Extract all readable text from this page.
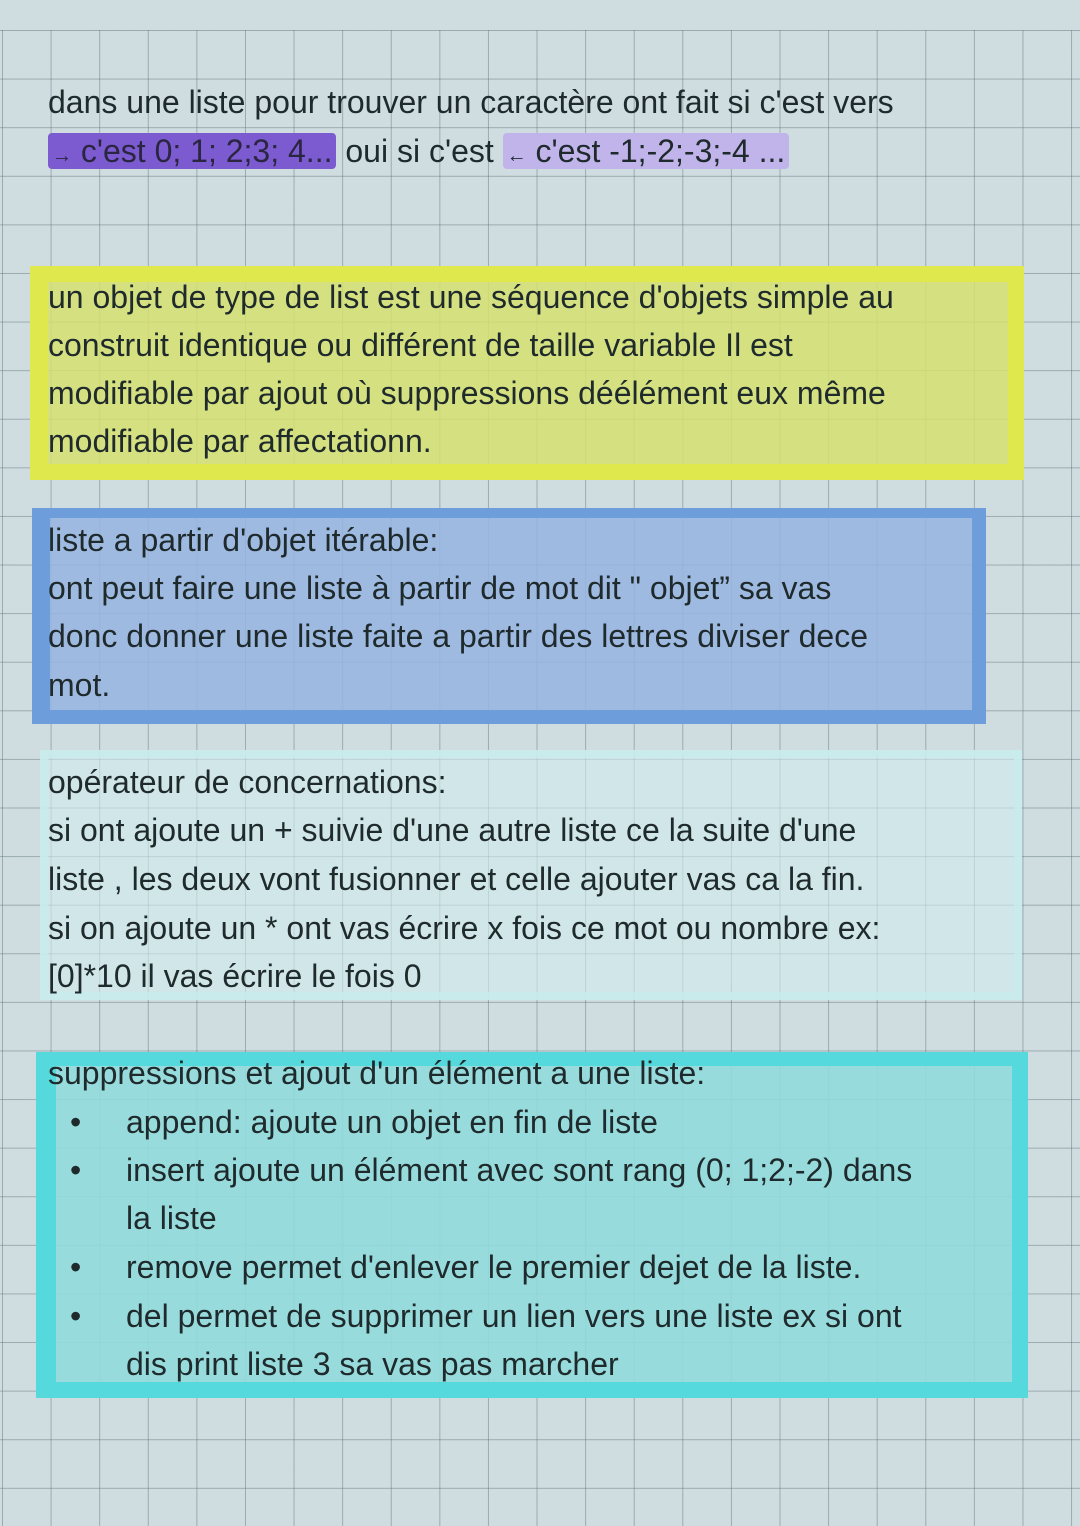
dans une liste pour trouver un caractère ont fait si c'est vers
→ c'est 0; 1; 2;3; 4... oui si c'est ← c'est -1;-2;-3;-4 ...
un objet de type de list est une séquence d'objets simple au
construit identique ou différent de taille variable Il est
modifiable par ajout où suppressions déélément eux même
modifiable par affectationn.
liste a partir d'objet itérable:
ont peut faire une liste à partir de mot dit " objet” sa vas
donc donner une liste faite a partir des lettres diviser dece
mot.
opérateur de concernations:
si ont ajoute un + suivie d'une autre liste ce la suite d'une
liste , les deux vont fusionner et celle ajouter vas ca la fin.
si on ajoute un * ont vas écrire x fois ce mot ou nombre ex:
[0]*10 il vas écrire le fois 0
suppressions et ajout d'un élément a une liste:
• append: ajoute un objet en fin de liste
• insert ajoute un élément avec sont rang (0; 1;2;-2) dans
la liste
• remove permet d'enlever le premier dejet de la liste.
• del permet de supprimer un lien vers une liste ex si ont
dis print liste 3 sa vas pas marcher
